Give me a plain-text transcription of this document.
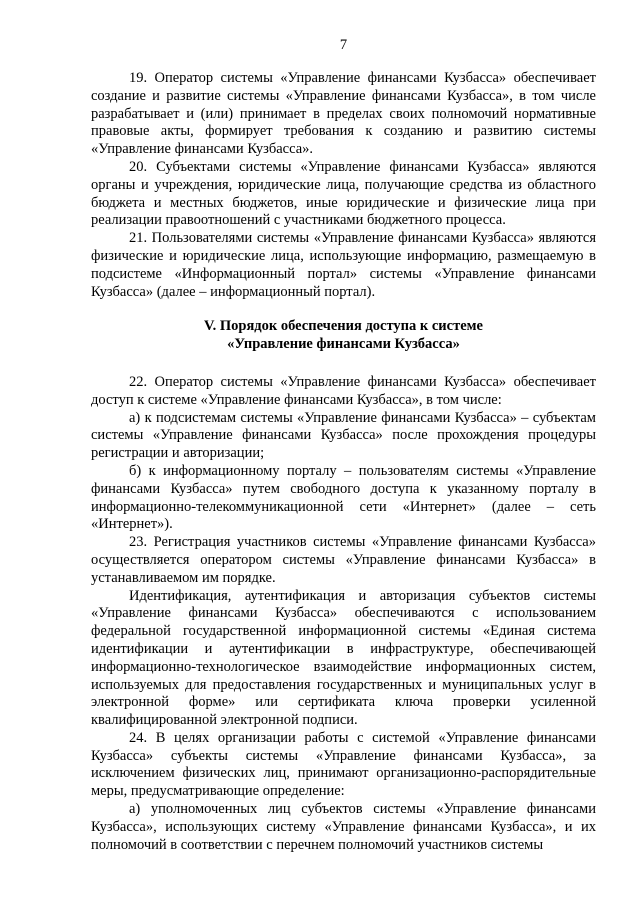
7

19. Оператор системы «Управление финансами Кузбасса» обеспечивает создание и развитие системы «Управление финансами Кузбасса», в том числе разрабатывает и (или) принимает в пределах своих полномочий нормативные правовые акты, формирует требования к созданию и развитию системы «Управление финансами Кузбасса».

20. Субъектами системы «Управление финансами Кузбасса» являются органы и учреждения, юридические лица, получающие средства из областного бюджета и местных бюджетов, иные юридические и физические лица при реализации правоотношений с участниками бюджетного процесса.

21. Пользователями системы «Управление финансами Кузбасса» являются физические и юридические лица, использующие информацию, размещаемую в подсистеме «Информационный портал» системы «Управление финансами Кузбасса» (далее – информационный портал).

V. Порядок обеспечения доступа к системе
«Управление финансами Кузбасса»

22. Оператор системы «Управление финансами Кузбасса» обеспечивает доступ к системе «Управление финансами Кузбасса», в том числе:

а) к подсистемам системы «Управление финансами Кузбасса» – субъектам системы «Управление финансами Кузбасса» после прохождения процедуры регистрации и авторизации;

б) к информационному порталу – пользователям системы «Управление финансами Кузбасса» путем свободного доступа к указанному порталу в информационно-телекоммуникационной сети «Интернет» (далее – сеть «Интернет»).

23. Регистрация участников системы «Управление финансами Кузбасса» осуществляется оператором системы «Управление финансами Кузбасса» в устанавливаемом им порядке.

Идентификация, аутентификация и авторизация субъектов системы «Управление финансами Кузбасса» обеспечиваются с использованием федеральной государственной информационной системы «Единая система идентификации и аутентификации в инфраструктуре, обеспечивающей информационно-технологическое взаимодействие информационных систем, используемых для предоставления государственных и муниципальных услуг в электронной форме» или сертификата ключа проверки усиленной квалифицированной электронной подписи.

24. В целях организации работы с системой «Управление финансами Кузбасса» субъекты системы «Управление финансами Кузбасса», за исключением физических лиц, принимают организационно-распорядительные меры, предусматривающие определение:

а) уполномоченных лиц субъектов системы «Управление финансами Кузбасса», использующих систему «Управление финансами Кузбасса», и их полномочий в соответствии с перечнем полномочий участников системы
